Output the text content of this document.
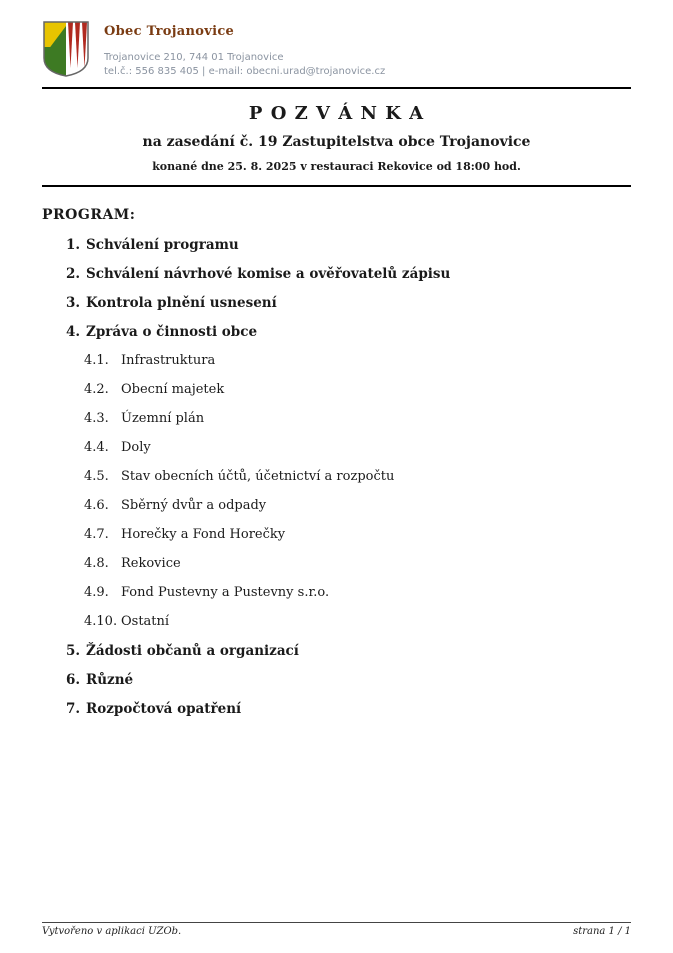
Obec Trojanovice
Trojanovice 210, 744 01 Trojanovice
tel.č.: 556 835 405 | e-mail: obecni.urad@trojanovice.cz
P O Z V Á N K A
na zasedání č. 19 Zastupitelstva obce Trojanovice
konané dne 25. 8. 2025 v restauraci Rekovice od 18:00 hod.
PROGRAM:
1. Schválení programu
2. Schválení návrhové komise a ověřovatelů zápisu
3. Kontrola plnění usnesení
4. Zpráva o činnosti obce
4.1. Infrastruktura
4.2. Obecní majetek
4.3. Územní plán
4.4. Doly
4.5. Stav obecních účtů, účetnictví a rozpočtu
4.6. Sběrný dvůr a odpady
4.7. Horečky a Fond Horečky
4.8. Rekovice
4.9. Fond Pustevny a Pustevny s.r.o.
4.10. Ostatní
5. Žádosti občanů a organizací
6. Různé
7. Rozpočtová opatření
Vytvořeno v aplikaci UZOb.	strana 1 / 1
